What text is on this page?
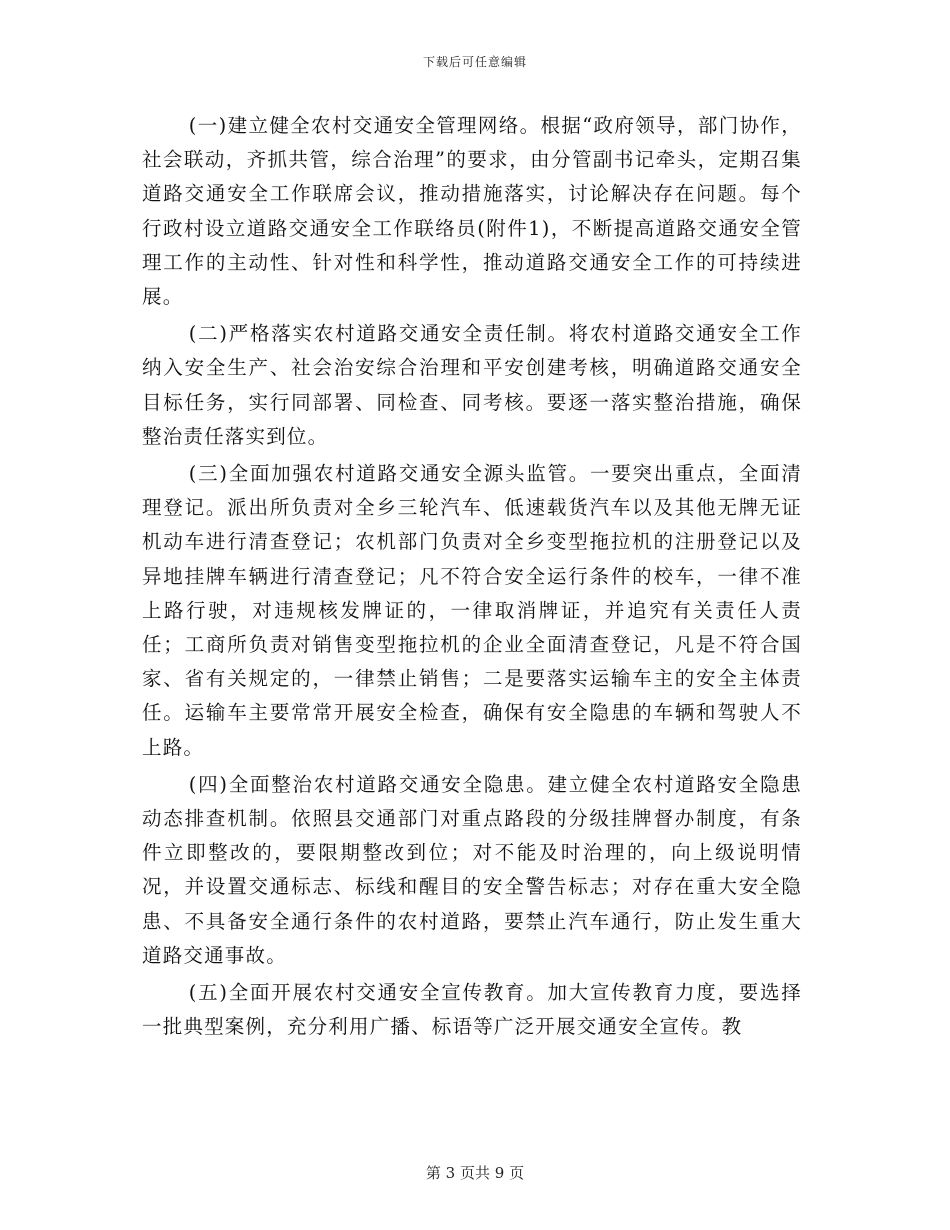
下载后可任意编辑

(一)建立健全农村交通安全管理网络。根据“政府领导，部门协作，社会联动，齐抓共管，综合治理”的要求，由分管副书记牵头，定期召集道路交通安全工作联席会议，推动措施落实，讨论解决存在问题。每个行政村设立道路交通安全工作联络员(附件1)，不断提高道路交通安全管理工作的主动性、针对性和科学性，推动道路交通安全工作的可持续进展。

(二)严格落实农村道路交通安全责任制。将农村道路交通安全工作纳入安全生产、社会治安综合治理和平安创建考核，明确道路交通安全目标任务，实行同部署、同检查、同考核。要逐一落实整治措施，确保整治责任落实到位。

(三)全面加强农村道路交通安全源头监管。一要突出重点，全面清理登记。派出所负责对全乡三轮汽车、低速载货汽车以及其他无牌无证机动车进行清查登记；农机部门负责对全乡变型拖拉机的注册登记以及异地挂牌车辆进行清查登记；凡不符合安全运行条件的校车，一律不准上路行驶，对违规核发牌证的，一律取消牌证，并追究有关责任人责任；工商所负责对销售变型拖拉机的企业全面清查登记，凡是不符合国家、省有关规定的，一律禁止销售；二是要落实运输车主的安全主体责任。运输车主要常常开展安全检查，确保有安全隐患的车辆和驾驶人不上路。

(四)全面整治农村道路交通安全隐患。建立健全农村道路安全隐患动态排查机制。依照县交通部门对重点路段的分级挂牌督办制度，有条件立即整改的，要限期整改到位；对不能及时治理的，向上级说明情况，并设置交通标志、标线和醒目的安全警告标志；对存在重大安全隐患、不具备安全通行条件的农村道路，要禁止汽车通行，防止发生重大道路交通事故。

(五)全面开展农村交通安全宣传教育。加大宣传教育力度，要选择一批典型案例，充分利用广播、标语等广泛开展交通安全宣传。教

第 3 页共 9 页
